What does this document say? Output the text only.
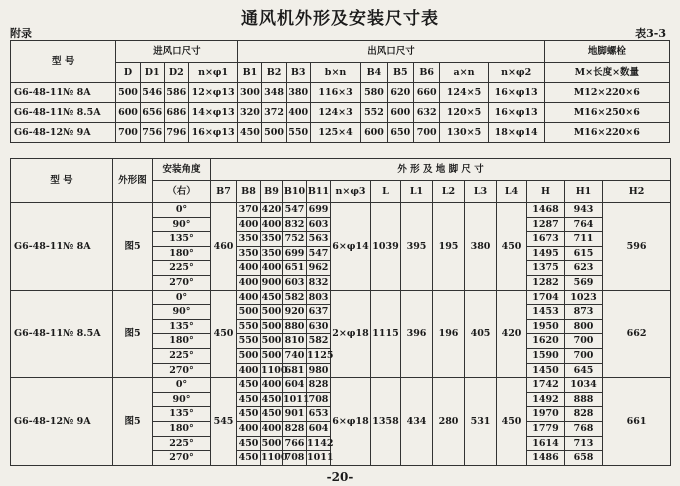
通风机外形及安装尺寸表
附录	表3-3
型 号	进风口尺寸				出风口尺寸									地脚螺栓
	D	D1	D2	n×φ1	B1	B2	B3	b×n	B4	B5	B6	a×n	n×φ2	M×长度×数量
G6-48-11№ 8A	500	546	586	12×φ13	300	348	380	116×3	580	620	660	124×5	16×φ13	M12×220×6
G6-48-11№ 8.5A	600	656	686	14×φ13	320	372	400	124×3	552	600	632	120×5	16×φ13	M16×250×6
G6-48-12№ 9A	700	756	796	16×φ13	450	500	550	125×4	600	650	700	130×5	18×φ14	M16×220×6
型 号	外形图	安装角度	外 形 及 地 脚 尺 寸													
		（右）	B7	B8	B9	B10	B11	n×φ3	L	L1	L2	L3	L4	H	H1	H2
G6-48-11№ 8A	图5	0°	460	370	420	547	699	6×φ14	1039	395	195	380	450	1468	943	596
		90°		400	400	832	603							1287	764	
		135°		350	350	752	563							1673	711	
		180°		350	350	699	547							1495	615	
		225°		400	400	651	962							1375	623	
		270°		400	900	603	832							1282	569	
G6-48-11№ 8.5A	图5	0°	450	400	450	582	803	2×φ18	1115	396	196	405	420	1704	1023	662
		90°		500	500	920	637							1453	873	
		135°		550	500	880	630							1950	800	
		180°		550	500	810	582							1620	700	
		225°		500	500	740	1125							1590	700	
		270°		400	1100	681	980							1450	645	
G6-48-12№ 9A	图5	0°	545	450	400	604	828	6×φ18	1358	434	280	531	450	1742	1034	661
		90°		450	450	1011	708							1492	888	
		135°		450	450	901	653							1970	828	
		180°		400	400	828	604							1779	768	
		225°		450	500	766	1142							1614	713	
		270°		450	1100	708	1011							1486	658	
-20-
